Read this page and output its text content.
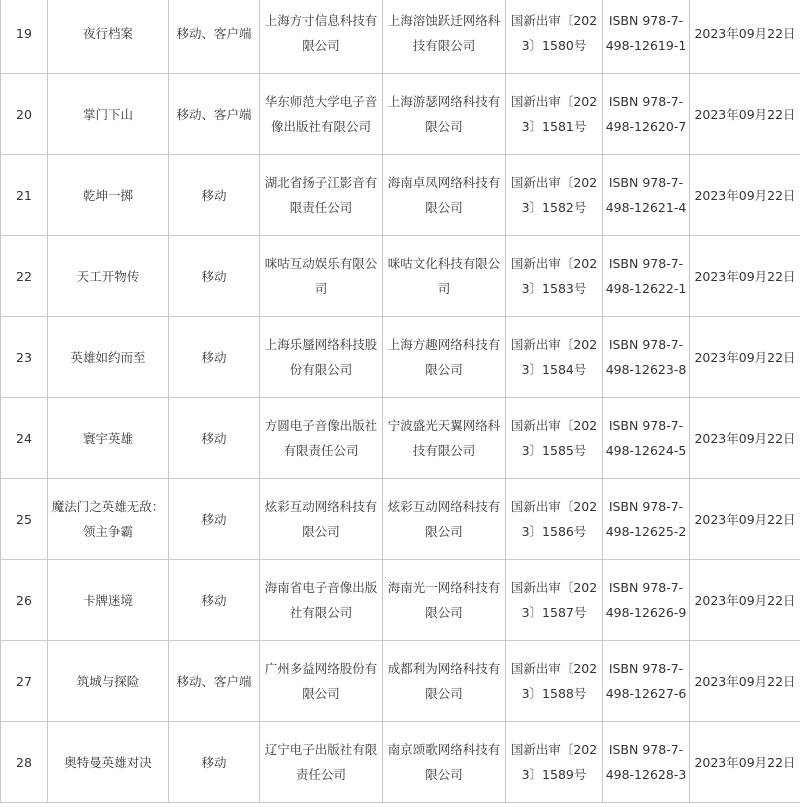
19	夜行档案	移动、客户端	上海方寸信息科技有限公司	上海溶蚀跃迁网络科技有限公司	国新出审〔2023〕1580号	ISBN 978-7-498-12619-1	2023年09月22日
20	掌门下山	移动、客户端	华东师范大学电子音像出版社有限公司	上海游瑟网络科技有限公司	国新出审〔2023〕1581号	ISBN 978-7-498-12620-7	2023年09月22日
21	乾坤一掷	移动	湖北省扬子江影音有限责任公司	海南卓凤网络科技有限公司	国新出审〔2023〕1582号	ISBN 978-7-498-12621-4	2023年09月22日
22	天工开物传	移动	咪咕互动娱乐有限公司	咪咕文化科技有限公司	国新出审〔2023〕1583号	ISBN 978-7-498-12622-1	2023年09月22日
23	英雄如约而至	移动	上海乐蜃网络科技股份有限公司	上海方趣网络科技有限公司	国新出审〔2023〕1584号	ISBN 978-7-498-12623-8	2023年09月22日
24	寰宇英雄	移动	方圆电子音像出版社有限责任公司	宁波盛光天翼网络科技有限公司	国新出审〔2023〕1585号	ISBN 978-7-498-12624-5	2023年09月22日
25	魔法门之英雄无敌：领主争霸	移动	炫彩互动网络科技有限公司	炫彩互动网络科技有限公司	国新出审〔2023〕1586号	ISBN 978-7-498-12625-2	2023年09月22日
26	卡牌迷境	移动	海南省电子音像出版社有限公司	海南光一网络科技有限公司	国新出审〔2023〕1587号	ISBN 978-7-498-12626-9	2023年09月22日
27	筑城与探险	移动、客户端	广州多益网络股份有限公司	成都利为网络科技有限公司	国新出审〔2023〕1588号	ISBN 978-7-498-12627-6	2023年09月22日
28	奥特曼英雄对决	移动	辽宁电子出版社有限责任公司	南京颂歌网络科技有限公司	国新出审〔2023〕1589号	ISBN 978-7-498-12628-3	2023年09月22日
